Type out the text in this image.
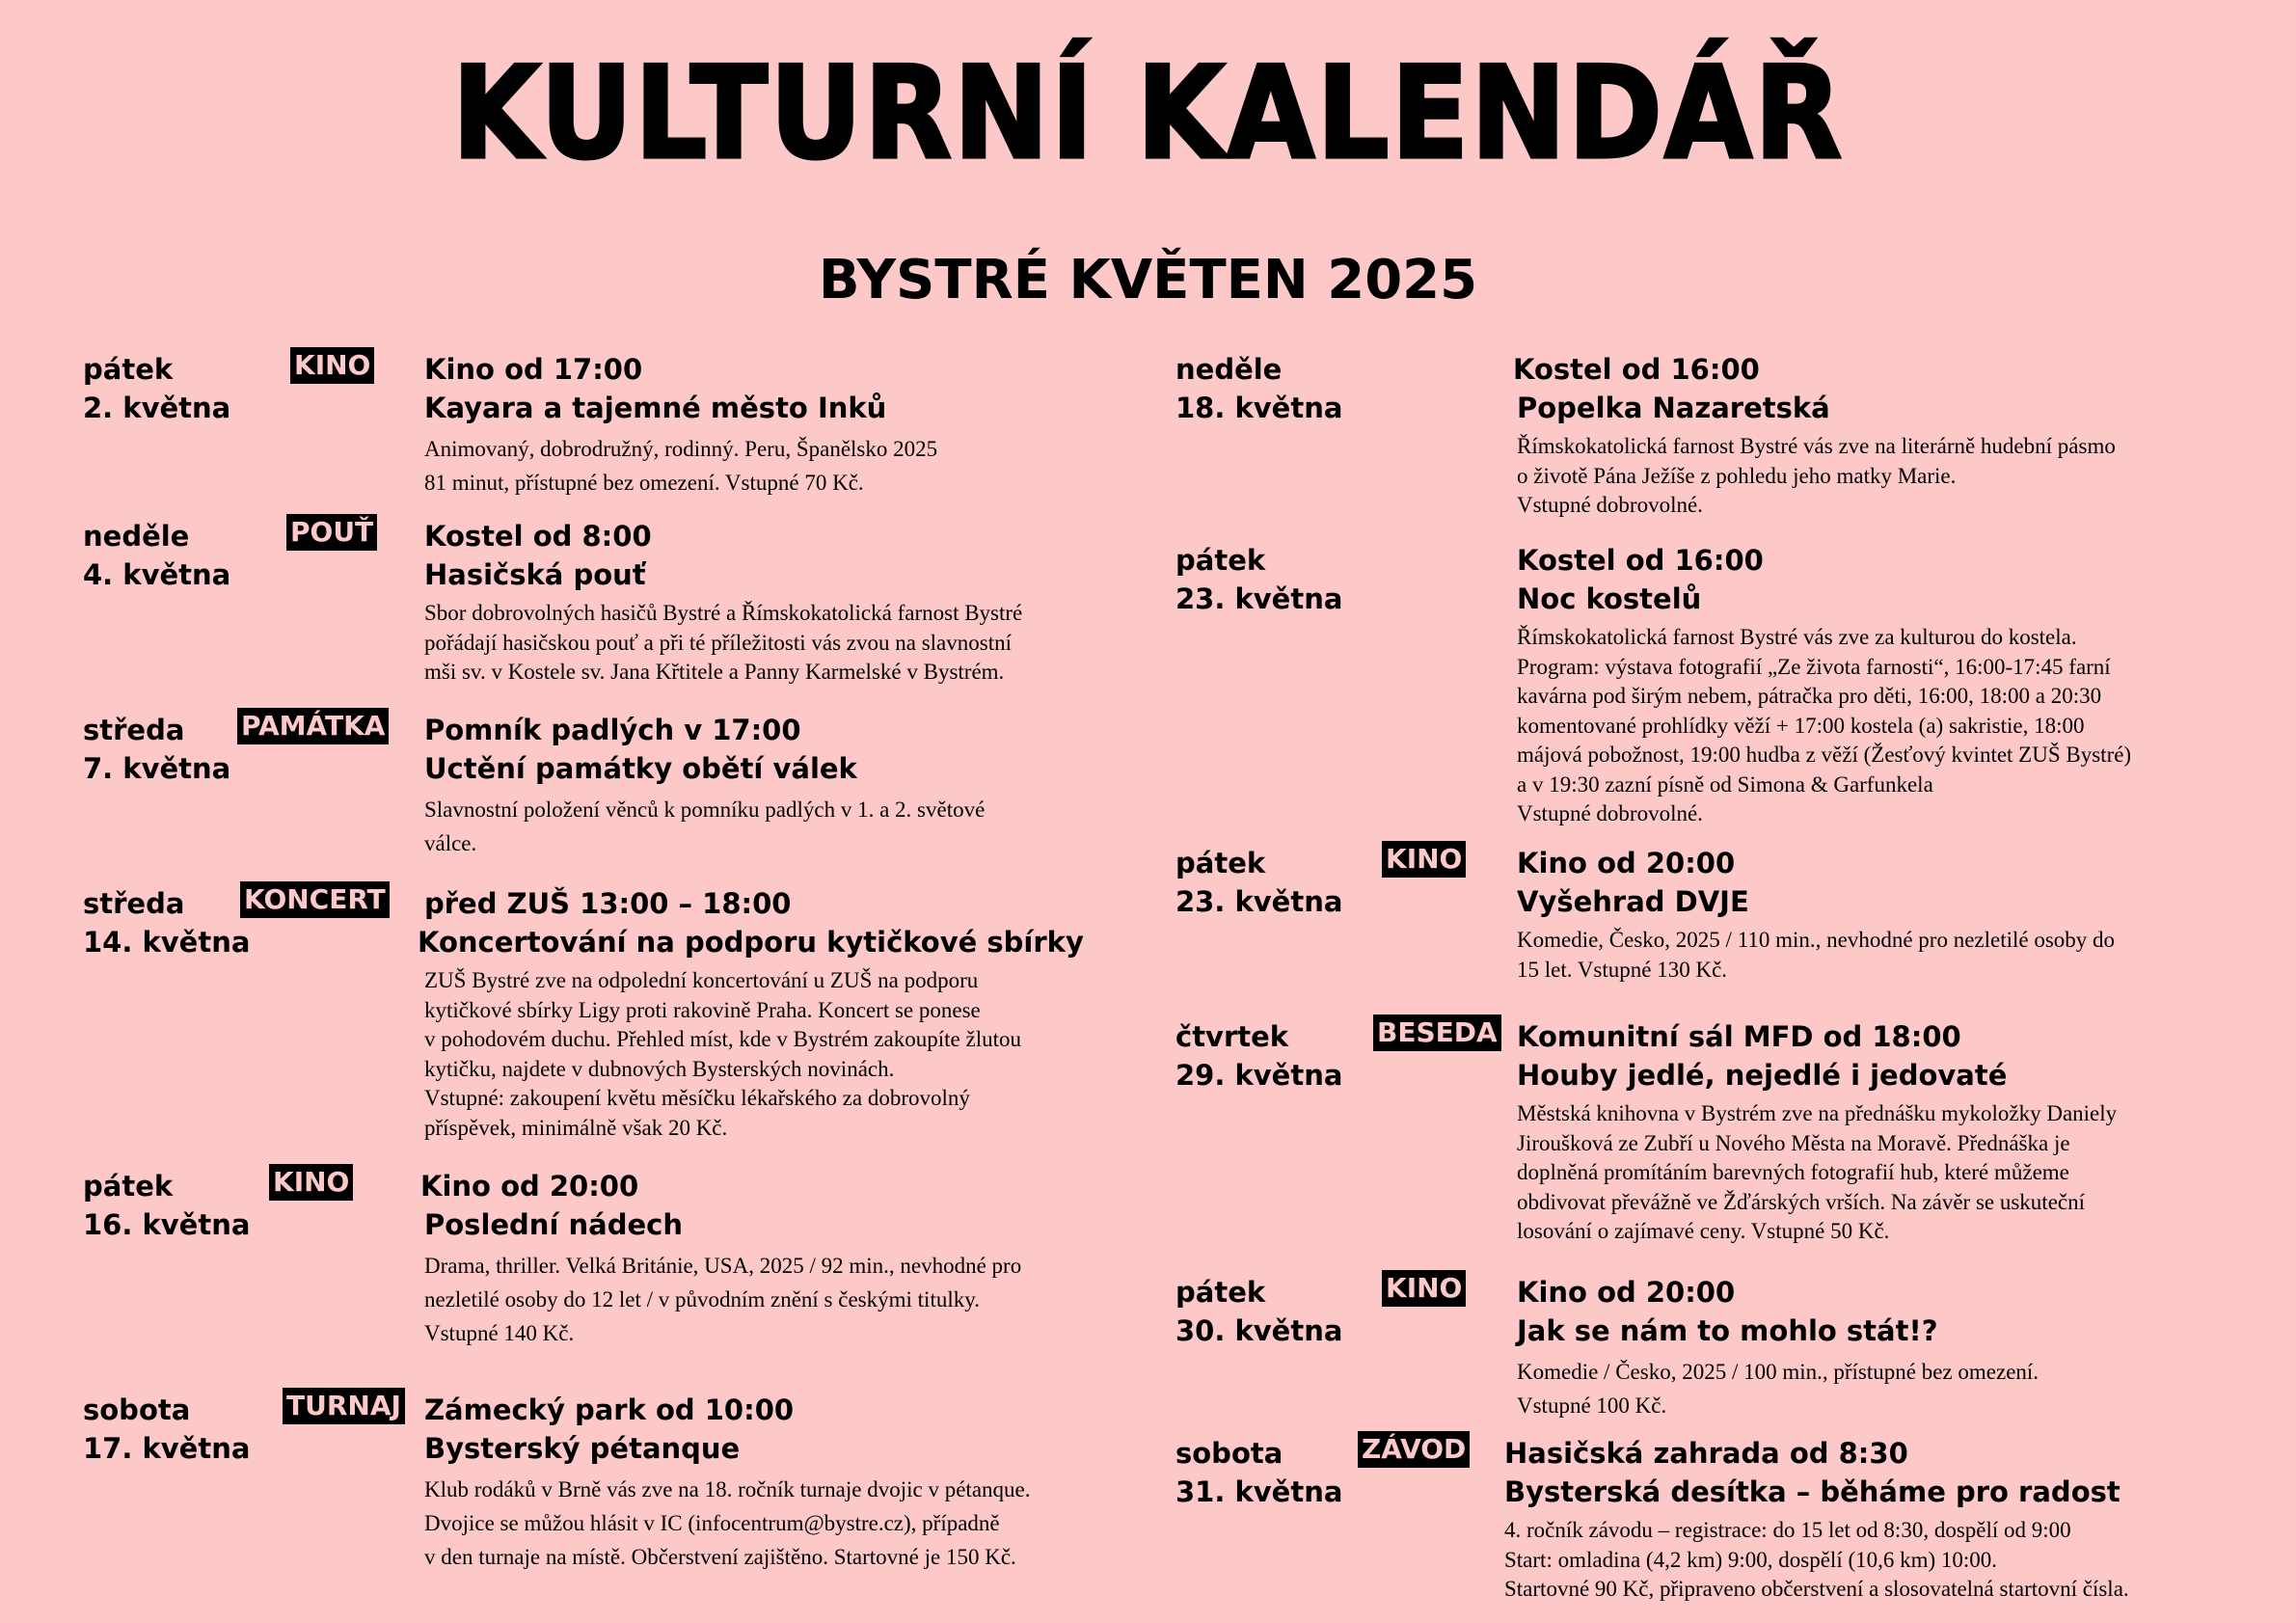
KULTURNÍ KALENDÁŘ
BYSTRÉ KVĚTEN 2025
pátek
2. května
KINO Kino od 17:00
Kayara a tajemné město Inků
Animovaný, dobrodružný, rodinný. Peru, Španělsko 2025
81 minut, přístupné bez omezení. Vstupné 70 Kč.
neděle
4. května
POUŤ Kostel od 8:00
Hasičská pouť
Sbor dobrovolných hasičů Bystré a Římskokatolická farnost Bystré
pořádají hasičskou pouť a při té příležitosti vás zvou na slavnostní
mši sv. v Kostele sv. Jana Křtitele a Panny Karmelské v Bystrém.
středa
7. května
PAMÁTKA Pomník padlých v 17:00
Uctění památky obětí válek
Slavnostní položení věnců k pomníku padlých v 1. a 2. světové
válce.
středa
14. května
KONCERT před ZUŠ 13:00 – 18:00
Koncertování na podporu kytičkové sbírky
ZUŠ Bystré zve na odpolední koncertování u ZUŠ na podporu
kytičkové sbírky Ligy proti rakovině Praha. Koncert se ponese
v pohodovém duchu. Přehled míst, kde v Bystrém zakoupíte žlutou
kytičku, najdete v dubnových Bysterských novinách.
Vstupné: zakoupení květu měsíčku lékařského za dobrovolný
příspěvek, minimálně však 20 Kč.
pátek
16. května
KINO	Kino od 20:00
Poslední nádech
Drama, thriller. Velká Británie, USA, 2025 / 92 min., nevhodné pro
nezletilé osoby do 12 let / v původním znění s českými titulky.
Vstupné 140 Kč.
sobota
17. května
TURNAJ Zámecký park od 10:00
Bysterský pétanque
Klub rodáků v Brně vás zve na 18. ročník turnaje dvojic v pétanque.
Dvojice se můžou hlásit v IC (infocentrum@bystre.cz), případně
v den turnaje na místě. Občerstvení zajištěno. Startovné je 150 Kč.
neděle
18. května
Kostel od 16:00
Popelka Nazaretská
Římskokatolická farnost Bystré vás zve na literárně hudební pásmo
o životě Pána Ježíše z pohledu jeho matky Marie.
Vstupné dobrovolné.
pátek
23. května
Kostel od 16:00
Noc kostelů
Římskokatolická farnost Bystré vás zve za kulturou do kostela.
Program: výstava fotografií „Ze života farnosti“, 16:00-17:45 farní
kavárna pod širým nebem, pátračka pro děti, 16:00, 18:00 a 20:30
komentované prohlídky věží + 17:00 kostela (a) sakristie, 18:00
májová pobožnost, 19:00 hudba z věží (Žesťový kvintet ZUŠ Bystré)
a v 19:30 zazní písně od Simona & Garfunkela
Vstupné dobrovolné.
pátek
23. května
KINO Kino od 20:00
Vyšehrad DVJE
Komedie, Česko, 2025 / 110 min., nevhodné pro nezletilé osoby do
15 let. Vstupné 130 Kč.
čtvrtek
29. května
BESEDA Komunitní sál MFD od 18:00
Houby jedlé, nejedlé i jedovaté
Městská knihovna v Bystrém zve na přednášku mykoložky Daniely
Jiroušková ze Zubří u Nového Města na Moravě. Přednáška je
doplněná promítáním barevných fotografií hub, které můžeme
obdivovat převážně ve Žďárských vrších. Na závěr se uskuteční
losování o zajímavé ceny. Vstupné 50 Kč.
pátek
30. května
KINO Kino od 20:00
Jak se nám to mohlo stát!?
Komedie / Česko, 2025 / 100 min., přístupné bez omezení.
Vstupné 100 Kč.
sobota
31. května
ZÁVOD Hasičská zahrada od 8:30
Bysterská desítka – běháme pro radost
4. ročník závodu – registrace: do 15 let od 8:30, dospělí od 9:00
Start: omladina (4,2 km) 9:00, dospělí (10,6 km) 10:00.
Startovné 90 Kč, připraveno občerstvení a slosovatelná startovní čísla.
